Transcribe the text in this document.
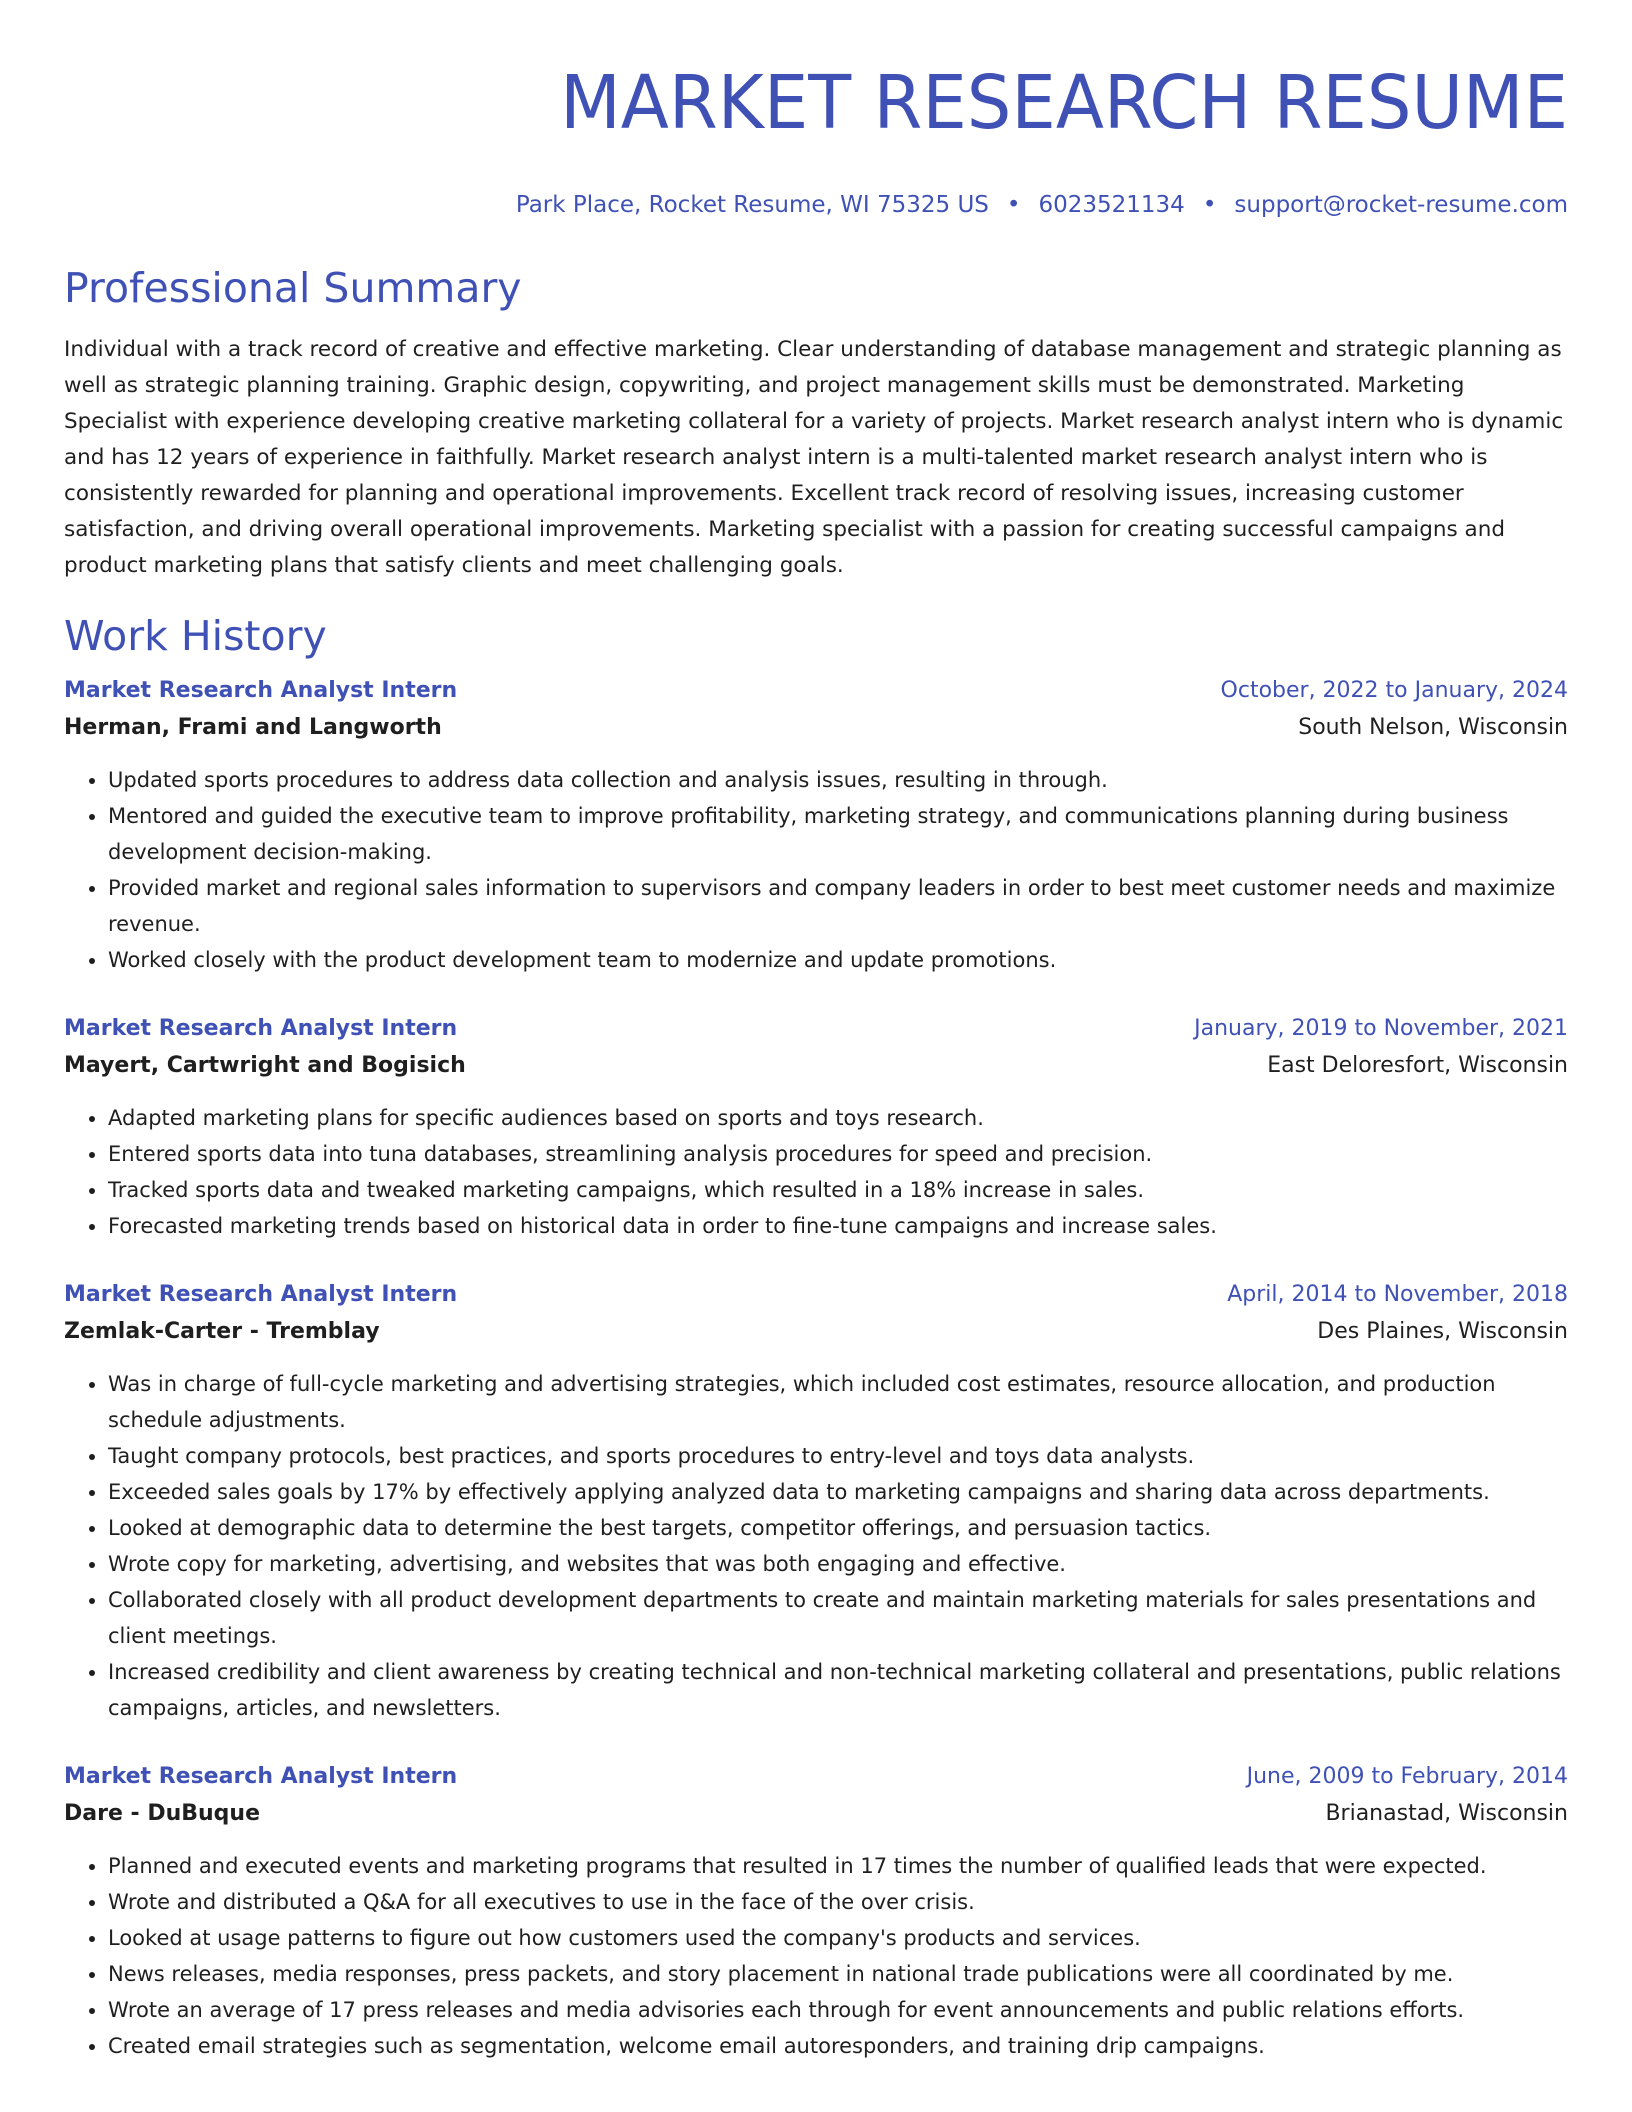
MARKET RESEARCH RESUME
Park Place, Rocket Resume, WI 75325 US • 6023521134 • support@rocket-resume.com
Professional Summary
Individual with a track record of creative and effective marketing. Clear understanding of database management and strategic planning as well as strategic planning training. Graphic design, copywriting, and project management skills must be demonstrated. Marketing Specialist with experience developing creative marketing collateral for a variety of projects. Market research analyst intern who is dynamic and has 12 years of experience in faithfully. Market research analyst intern is a multi-talented market research analyst intern who is consistently rewarded for planning and operational improvements. Excellent track record of resolving issues, increasing customer satisfaction, and driving overall operational improvements. Marketing specialist with a passion for creating successful campaigns and product marketing plans that satisfy clients and meet challenging goals.
Work History
Market Research Analyst Intern	October, 2022 to January, 2024
Herman, Frami and Langworth	South Nelson, Wisconsin
• Updated sports procedures to address data collection and analysis issues, resulting in through.
• Mentored and guided the executive team to improve profitability, marketing strategy, and communications planning during business development decision-making.
• Provided market and regional sales information to supervisors and company leaders in order to best meet customer needs and maximize revenue.
• Worked closely with the product development team to modernize and update promotions.
Market Research Analyst Intern	January, 2019 to November, 2021
Mayert, Cartwright and Bogisich	East Deloresfort, Wisconsin
• Adapted marketing plans for specific audiences based on sports and toys research.
• Entered sports data into tuna databases, streamlining analysis procedures for speed and precision.
• Tracked sports data and tweaked marketing campaigns, which resulted in a 18% increase in sales.
• Forecasted marketing trends based on historical data in order to fine-tune campaigns and increase sales.
Market Research Analyst Intern	April, 2014 to November, 2018
Zemlak-Carter - Tremblay	Des Plaines, Wisconsin
• Was in charge of full-cycle marketing and advertising strategies, which included cost estimates, resource allocation, and production schedule adjustments.
• Taught company protocols, best practices, and sports procedures to entry-level and toys data analysts.
• Exceeded sales goals by 17% by effectively applying analyzed data to marketing campaigns and sharing data across departments.
• Looked at demographic data to determine the best targets, competitor offerings, and persuasion tactics.
• Wrote copy for marketing, advertising, and websites that was both engaging and effective.
• Collaborated closely with all product development departments to create and maintain marketing materials for sales presentations and client meetings.
• Increased credibility and client awareness by creating technical and non-technical marketing collateral and presentations, public relations campaigns, articles, and newsletters.
Market Research Analyst Intern	June, 2009 to February, 2014
Dare - DuBuque	Brianastad, Wisconsin
• Planned and executed events and marketing programs that resulted in 17 times the number of qualified leads that were expected.
• Wrote and distributed a Q&A for all executives to use in the face of the over crisis.
• Looked at usage patterns to figure out how customers used the company's products and services.
• News releases, media responses, press packets, and story placement in national trade publications were all coordinated by me.
• Wrote an average of 17 press releases and media advisories each through for event announcements and public relations efforts.
• Created email strategies such as segmentation, welcome email autoresponders, and training drip campaigns.
